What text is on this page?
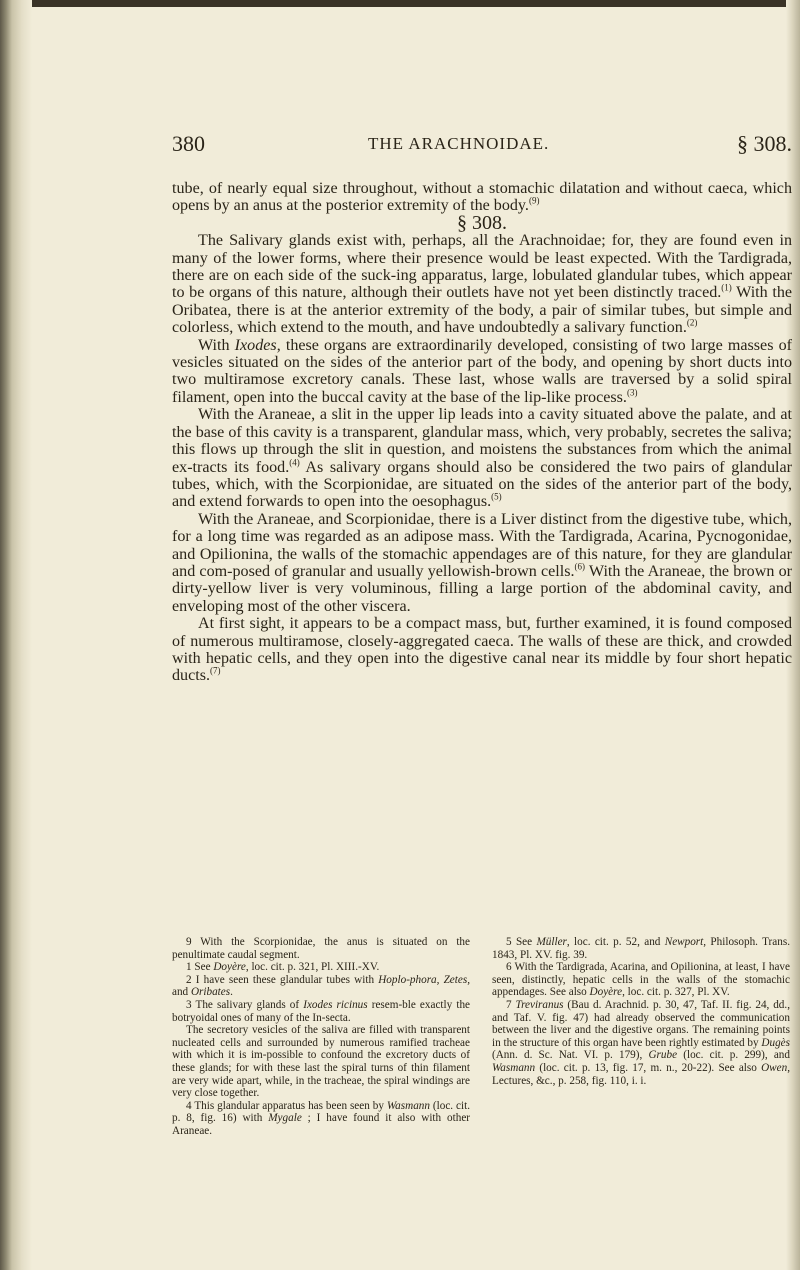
380	THE ARACHNOIDAE.	§ 308.

tube, of nearly equal size throughout, without a stomachic dilatation and without caeca, which opens by an anus at the posterior extremity of the body.$^{(9)}$

§ 308.

The Salivary glands exist with, perhaps, all the Arachnoidae; for, they are found even in many of the lower forms, where their presence would be least expected. With the Tardigrada, there are on each side of the suck-ing apparatus, large, lobulated glandular tubes, which appear to be organs of this nature, although their outlets have not yet been distinctly traced.$^{(1)}$ With the Oribatea, there is at the anterior extremity of the body, a pair of similar tubes, but simple and colorless, which extend to the mouth, and have undoubtedly a salivary function.$^{(2)}$

With Ixodes, these organs are extraordinarily developed, consisting of two large masses of vesicles situated on the sides of the anterior part of the body, and opening by short ducts into two multiramose excretory canals. These last, whose walls are traversed by a solid spiral filament, open into the buccal cavity at the base of the lip-like process.$^{(3)}$

With the Araneae, a slit in the upper lip leads into a cavity situated above the palate, and at the base of this cavity is a transparent, glandular mass, which, very probably, secretes the saliva; this flows up through the slit in question, and moistens the substances from which the animal ex-tracts its food.$^{(4)}$ As salivary organs should also be considered the two pairs of glandular tubes, which, with the Scorpionidae, are situated on the sides of the anterior part of the body, and extend forwards to open into the oesophagus.$^{(5)}$

With the Araneae, and Scorpionidae, there is a Liver distinct from the digestive tube, which, for a long time was regarded as an adipose mass. With the Tardigrada, Acarina, Pycnogonidae, and Opilionina, the walls of the stomachic appendages are of this nature, for they are glandular and com-posed of granular and usually yellowish-brown cells.$^{(6)}$ With the Araneae, the brown or dirty-yellow liver is very voluminous, filling a large portion of the abdominal cavity, and enveloping most of the other viscera.

At first sight, it appears to be a compact mass, but, further examined, it is found composed of numerous multiramose, closely-aggregated caeca. The walls of these are thick, and crowded with hepatic cells, and they open into the digestive canal near its middle by four short hepatic ducts.$^{(7)}$

9 With the Scorpionidae, the anus is situated on the penultimate caudal segment.

1 See Doyère, loc. cit. p. 321, Pl. XIII.-XV.

2 I have seen these glandular tubes with Hoplo-phora, Zetes, and Oribates.

3 The salivary glands of Ixodes ricinus resem-ble exactly the botryoidal ones of many of the In-secta.

The secretory vesicles of the saliva are filled with transparent nucleated cells and surrounded by numerous ramified tracheae with which it is im-possible to confound the excretory ducts of these glands; for with these last the spiral turns of thin filament are very wide apart, while, in the tracheae, the spiral windings are very close together.

4 This glandular apparatus has been seen by Wasmann (loc. cit. p. 8, fig. 16) with Mygale ; I have found it also with other Araneae.

5 See Müller, loc. cit. p. 52, and Newport, Philosoph. Trans. 1843, Pl. XV. fig. 39.

6 With the Tardigrada, Acarina, and Opilionina, at least, I have seen, distinctly, hepatic cells in the walls of the stomachic appendages. See also Doyère, loc. cit. p. 327, Pl. XV.

7 Treviranus (Bau d. Arachnid. p. 30, 47, Taf. II. fig. 24, dd., and Taf. V. fig. 47) had already observed the communication between the liver and the digestive organs. The remaining points in the structure of this organ have been rightly estimated by Dugès (Ann. d. Sc. Nat. VI. p. 179), Grube (loc. cit. p. 299), and Wasmann (loc. cit. p. 13, fig. 17, m. n., 20-22). See also Owen, Lectures, &c., p. 258, fig. 110, i. i.
